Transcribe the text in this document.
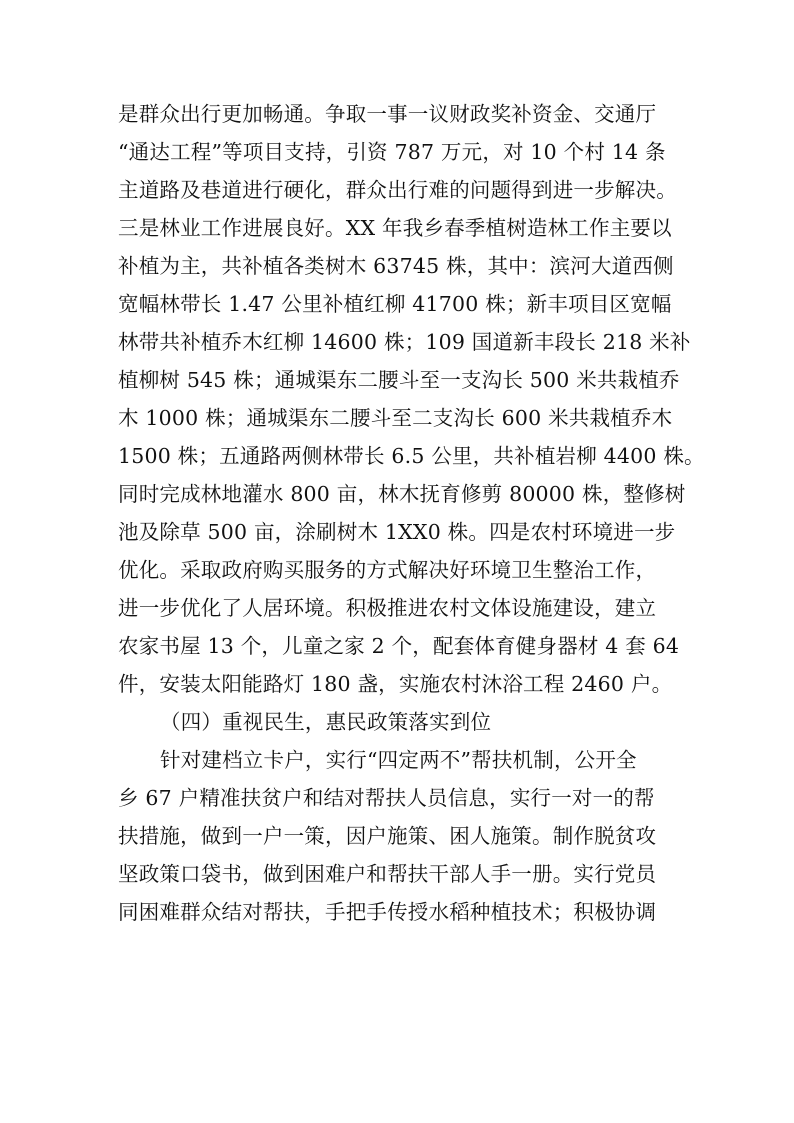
是群众出行更加畅通。争取一事一议财政奖补资金、交通厅
“通达工程”等项目支持，引资 787 万元，对 10 个村 14 条
主道路及巷道进行硬化，群众出行难的问题得到进一步解决。
三是林业工作进展良好。XX 年我乡春季植树造林工作主要以
补植为主，共补植各类树木 63745 株，其中：滨河大道西侧
宽幅林带长 1.47 公里补植红柳 41700 株；新丰项目区宽幅
林带共补植乔木红柳 14600 株；109 国道新丰段长 218 米补
植柳树 545 株；通城渠东二腰斗至一支沟长 500 米共栽植乔
木 1000 株；通城渠东二腰斗至二支沟长 600 米共栽植乔木
1500 株；五通路两侧林带长 6.5 公里，共补植岩柳 4400 株。
同时完成林地灌水 800 亩，林木抚育修剪 80000 株，整修树
池及除草 500 亩，涂刷树木 1XX0 株。四是农村环境进一步
优化。采取政府购买服务的方式解决好环境卫生整治工作，
进一步优化了人居环境。积极推进农村文体设施建设，建立
农家书屋 13 个，儿童之家 2 个，配套体育健身器材 4 套 64
件，安装太阳能路灯 180 盏，实施农村沐浴工程 2460 户。
（四）重视民生，惠民政策落实到位
针对建档立卡户，实行“四定两不”帮扶机制，公开全
乡 67 户精准扶贫户和结对帮扶人员信息，实行一对一的帮
扶措施，做到一户一策，因户施策、困人施策。制作脱贫攻
坚政策口袋书，做到困难户和帮扶干部人手一册。实行党员
同困难群众结对帮扶，手把手传授水稻种植技术；积极协调
